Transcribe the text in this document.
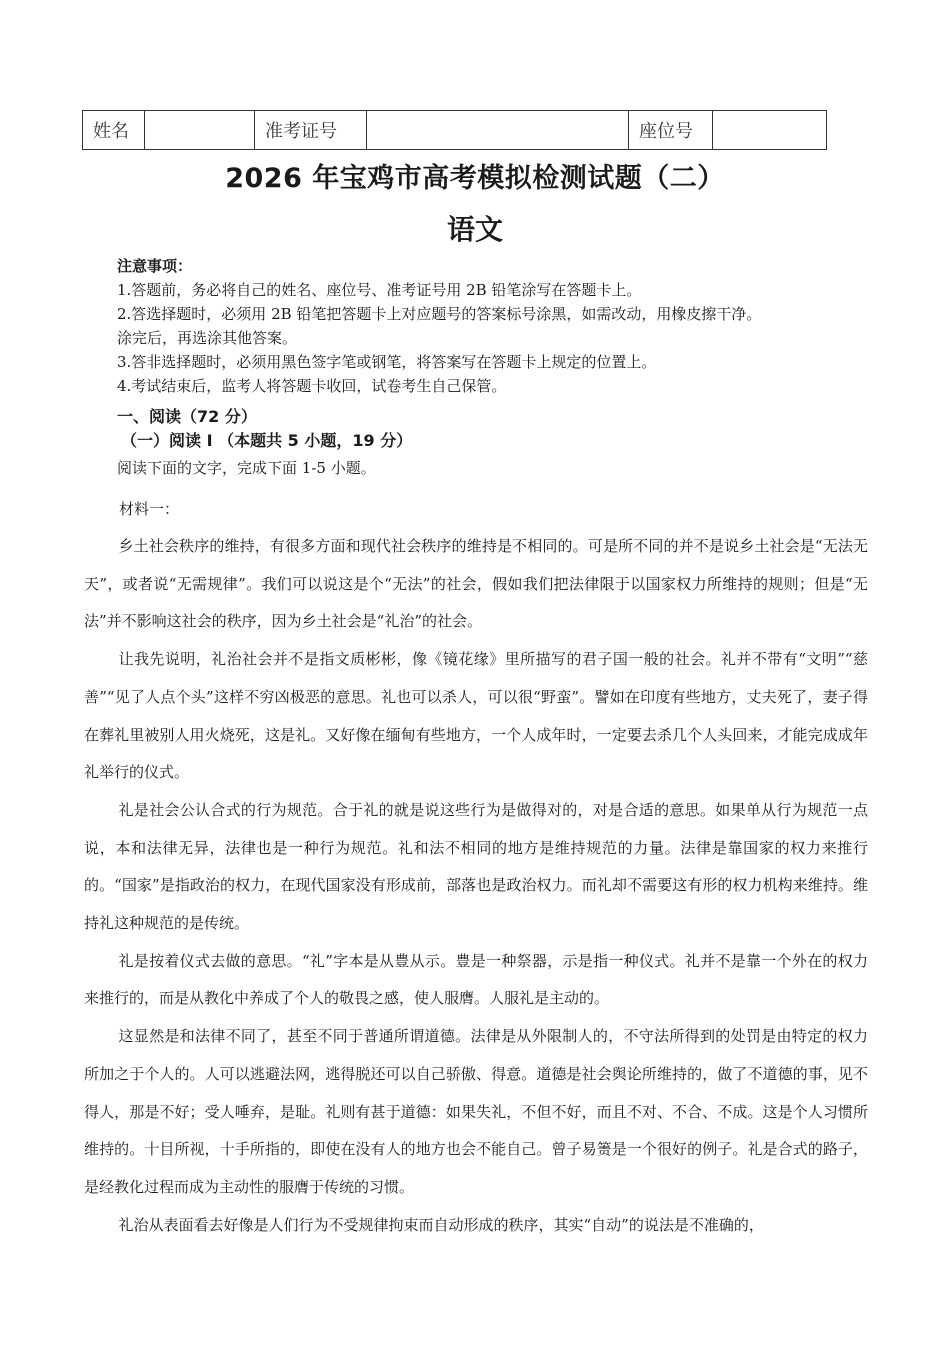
姓名		准考证号		座位号	
2026 年宝鸡市高考模拟检测试题（二）
语文
注意事项：
1.答题前，务必将自己的姓名、座位号、准考证号用 2B 铅笔涂写在答题卡上。
2.答选择题时，必须用 2B 铅笔把答题卡上对应题号的答案标号涂黑，如需改动，用橡皮擦干净。
涂完后，再选涂其他答案。
3.答非选择题时，必须用黑色签字笔或钢笔，将答案写在答题卡上规定的位置上。
4.考试结束后，监考人将答题卡收回，试卷考生自己保管。
一、阅读（72 分）
（一）阅读 I （本题共 5 小题，19 分）
阅读下面的文字，完成下面 1-5 小题。
材料一：

乡土社会秩序的维持，有很多方面和现代社会秩序的维持是不相同的。可是所不同的并不是说乡土社会是“无法无天”，或者说“无需规律”。我们可以说这是个“无法”的社会，假如我们把法律限于以国家权力所维持的规则；但是“无法”并不影响这社会的秩序，因为乡土社会是“礼治”的社会。

让我先说明，礼治社会并不是指文质彬彬，像《镜花缘》里所描写的君子国一般的社会。礼并不带有“文明”“慈善”“见了人点个头”这样不穷凶极恶的意思。礼也可以杀人，可以很“野蛮”。譬如在印度有些地方，丈夫死了，妻子得在葬礼里被别人用火烧死，这是礼。又好像在缅甸有些地方，一个人成年时，一定要去杀几个人头回来，才能完成成年礼举行的仪式。

礼是社会公认合式的行为规范。合于礼的就是说这些行为是做得对的，对是合适的意思。如果单从行为规范一点说，本和法律无异，法律也是一种行为规范。礼和法不相同的地方是维持规范的力量。法律是靠国家的权力来推行的。“国家”是指政治的权力，在现代国家没有形成前，部落也是政治权力。而礼却不需要这有形的权力机构来维持。维持礼这种规范的是传统。

礼是按着仪式去做的意思。“礼”字本是从豊从示。豊是一种祭器，示是指一种仪式。礼并不是靠一个外在的权力来推行的，而是从教化中养成了个人的敬畏之感，使人服膺。人服礼是主动的。

这显然是和法律不同了，甚至不同于普通所谓道德。法律是从外限制人的，不守法所得到的处罚是由特定的权力所加之于个人的。人可以逃避法网，逃得脱还可以自己骄傲、得意。道德是社会舆论所维持的，做了不道德的事，见不得人，那是不好；受人唾弃，是耻。礼则有甚于道德：如果失礼，不但不好，而且不对、不合、不成。这是个人习惯所维持的。十目所视，十手所指的，即使在没有人的地方也会不能自己。曾子易箦是一个很好的例子。礼是合式的路子，是经教化过程而成为主动性的服膺于传统的习惯。

礼治从表面看去好像是人们行为不受规律拘束而自动形成的秩序，其实“自动”的说法是不准确的，
